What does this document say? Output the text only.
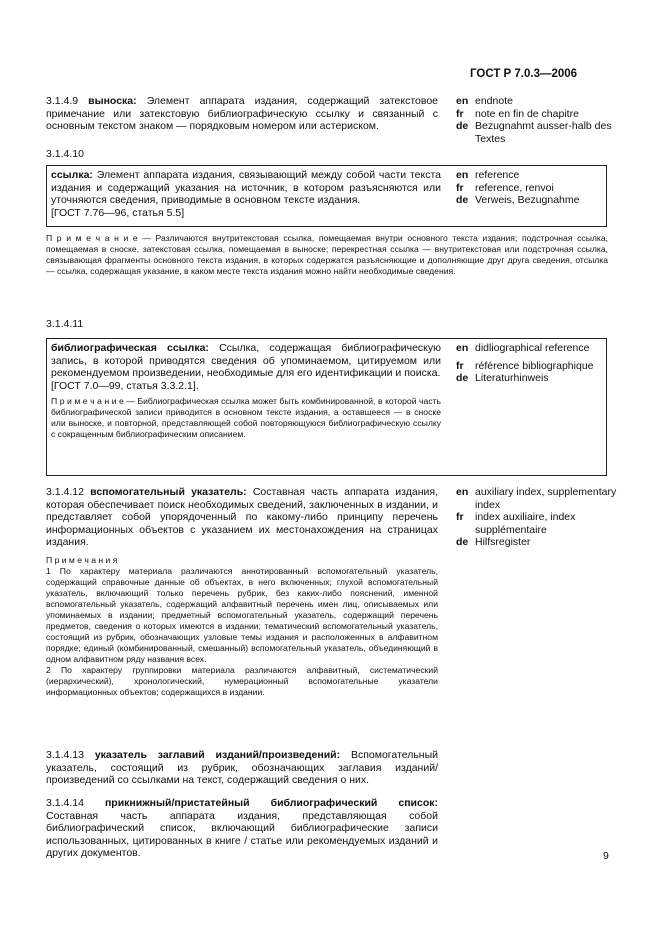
ГОСТ Р 7.0.3—2006
3.1.4.9 выноска: Элемент аппарата издания, содержащий затекстовое примечание или затекстовую библиографическую ссылку и связанный с основным текстом знаком — порядковым номером или астериском.
en endnote
fr	note en fin de chapitre
de Bezugnahmt ausser-halb des Textes
3.1.4.10
ссылка: Элемент аппарата издания, связывающий между собой части текста издания и содержащий указания на источник, в котором разъясняются или уточняются сведения, приводимые в основном тексте издания.
[ГОСТ 7.76—96, статья 5.5]
en reference
fr	reference, renvoi
de Verweis, Bezugnahme
П р и м е ч а н и е — Различаются внутритекстовая ссылка, помещаемая внутри основного текста издания; подстрочная ссылка, помещаемая в сноске, затекстовая ссылка, помещаемая в выноске; перекрестная ссылка — внутритекстовая или подстрочная ссылка, связывающая фрагменты основного текста издания, в которых содержатся разъясняющие и дополняющие друг друга сведения, отсылка — ссылка, содержащая указание, в каком месте текста издания можно найти необходимые сведения.
3.1.4.11
библиографическая ссылка: Ссылка, содержащая библиографическую запись, в которой приводятся сведения об упоминаемом, цитируемом или рекомендуемом произведении, необходимые для его идентификации и поиска.
[ГОСТ 7.0—99, статья 3.3.2.1].
П р и м е ч а н и е — Библиографическая ссылка может быть комбинированной, в которой часть библиографической записи приводится в основном тексте издания, а оставшееся — в сноске или выноске, и повторной, представляющей собой повторяющуюся библиографическую ссылку с сокращенным библиографическим описанием.
en didliographical reference
fr	référence bibliographique
de Literaturhinweis
3.1.4.12 вспомогательный указатель: Составная часть аппарата издания, которая обеспечивает поиск необходимых сведений, заключенных в издании, и представляет собой упорядоченный по какому-либо принципу перечень информационных объектов с указанием их местонахождения на страницах издания.
en auxiliary index, supplementary index
fr	index auxiliaire, index supplémentaire
de Hilfsregister
П р и м е ч а н и я
1 По характеру материала различаются аннотированный вспомогательный указатель, содержащий справочные данные об объектах, в него включенных; глухой вспомогательный указатель, включающий только перечень рубрик, без каких-либо пояснений, именной вспомогательный указатель, содержащий алфавитный перечень имен лиц, описываемых или упоминаемых в издании; предметный вспомогательный указатель, содержащий перечень предметов, сведения о которых имеются в издании; тематический вспомогательный указатель, состоящий из рубрик, обозначающих узловые темы издания и расположенных в алфавитном порядке; единый (комбинированный, смешанный) вспомогательный указатель, объединяющий в одном алфавитном ряду названия всех.
2 По характеру группировки материала различаются алфавитный, систематический (иерархический), хронологический, нумерационный вспомогательные указатели информационных объектов; содержащихся в издании.
3.1.4.13 указатель заглавий изданий/произведений: Вспомогательный указатель, состоящий из рубрик, обозначающих заглавия изданий/произведений со ссылками на текст, содержащий сведения о них.
3.1.4.14 прикнижный/пристатейный библиографический список: Составная часть аппарата издания, представляющая собой библиографический список, включающий библиографические записи использованных, цитированных в книге / статье или рекомендуемых изданий и других документов.	9
